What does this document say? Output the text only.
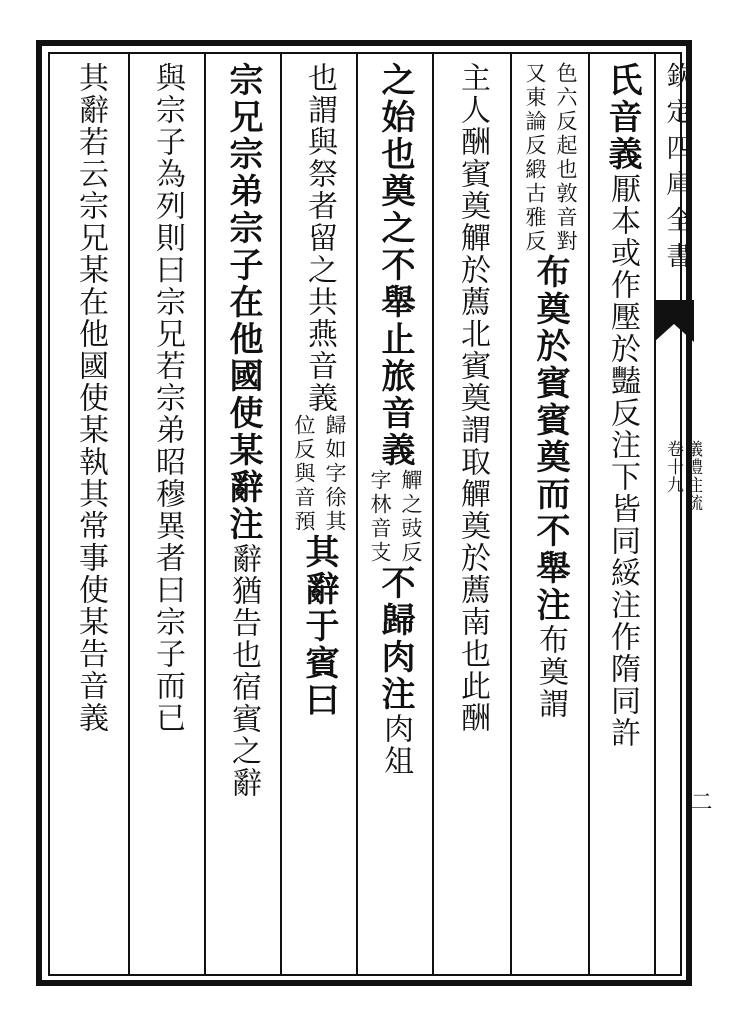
欽定四庫全書
儀禮注疏
卷十九
二
氏音義
厭本或作壓於豔反注下皆同綏注作隋同許
色六反起也敦音對
又東論反緞古雅反
布奠於賓賓奠而不舉注
布奠謂
主人酬賓奠觶於薦北賓奠謂取觶奠於薦南也此酬
之始也奠之不舉止旅音義
觶之豉反
字林音支
不歸肉注
肉俎
也謂與祭者留之共燕音義
歸如字徐其
位反與音預
其辭于賓曰
宗兄宗弟宗子在他國使某辭注
辭猶告也宿賓之辭
與宗子為列則曰宗兄若宗弟昭穆異者曰宗子而已
其辭若云宗兄某在他國使某執其常事使某告音義
